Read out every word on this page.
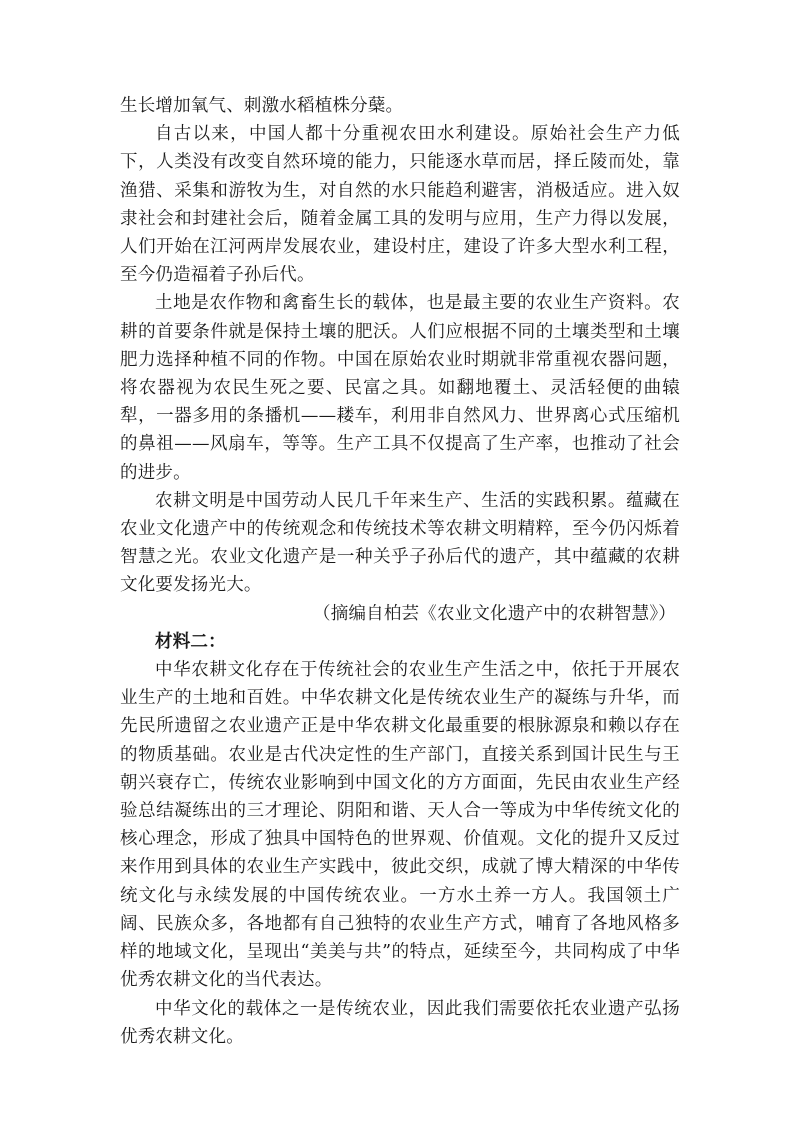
生长增加氧气、刺激水稻植株分蘖。

自古以来，中国人都十分重视农田水利建设。原始社会生产力低下，人类没有改变自然环境的能力，只能逐水草而居，择丘陵而处，靠渔猎、采集和游牧为生，对自然的水只能趋利避害，消极适应。进入奴隶社会和封建社会后，随着金属工具的发明与应用，生产力得以发展，人们开始在江河两岸发展农业，建设村庄，建设了许多大型水利工程，至今仍造福着子孙后代。

土地是农作物和禽畜生长的载体，也是最主要的农业生产资料。农耕的首要条件就是保持土壤的肥沃。人们应根据不同的土壤类型和土壤肥力选择种植不同的作物。中国在原始农业时期就非常重视农器问题，将农器视为农民生死之要、民富之具。如翻地覆土、灵活轻便的曲辕犁，一器多用的条播机——耧车，利用非自然风力、世界离心式压缩机的鼻祖——风扇车，等等。生产工具不仅提高了生产率，也推动了社会的进步。

农耕文明是中国劳动人民几千年来生产、生活的实践积累。蕴藏在农业文化遗产中的传统观念和传统技术等农耕文明精粹，至今仍闪烁着智慧之光。农业文化遗产是一种关乎子孙后代的遗产，其中蕴藏的农耕文化要发扬光大。

（摘编自柏芸《农业文化遗产中的农耕智慧》）

材料二：

中华农耕文化存在于传统社会的农业生产生活之中，依托于开展农业生产的土地和百姓。中华农耕文化是传统农业生产的凝练与升华，而先民所遗留之农业遗产正是中华农耕文化最重要的根脉源泉和赖以存在的物质基础。农业是古代决定性的生产部门，直接关系到国计民生与王朝兴衰存亡，传统农业影响到中国文化的方方面面，先民由农业生产经验总结凝练出的三才理论、阴阳和谐、天人合一等成为中华传统文化的核心理念，形成了独具中国特色的世界观、价值观。文化的提升又反过来作用到具体的农业生产实践中，彼此交织，成就了博大精深的中华传统文化与永续发展的中国传统农业。一方水土养一方人。我国领土广阔、民族众多，各地都有自己独特的农业生产方式，哺育了各地风格多样的地域文化，呈现出“美美与共”的特点，延续至今，共同构成了中华优秀农耕文化的当代表达。

中华文化的载体之一是传统农业，因此我们需要依托农业遗产弘扬优秀农耕文化。
